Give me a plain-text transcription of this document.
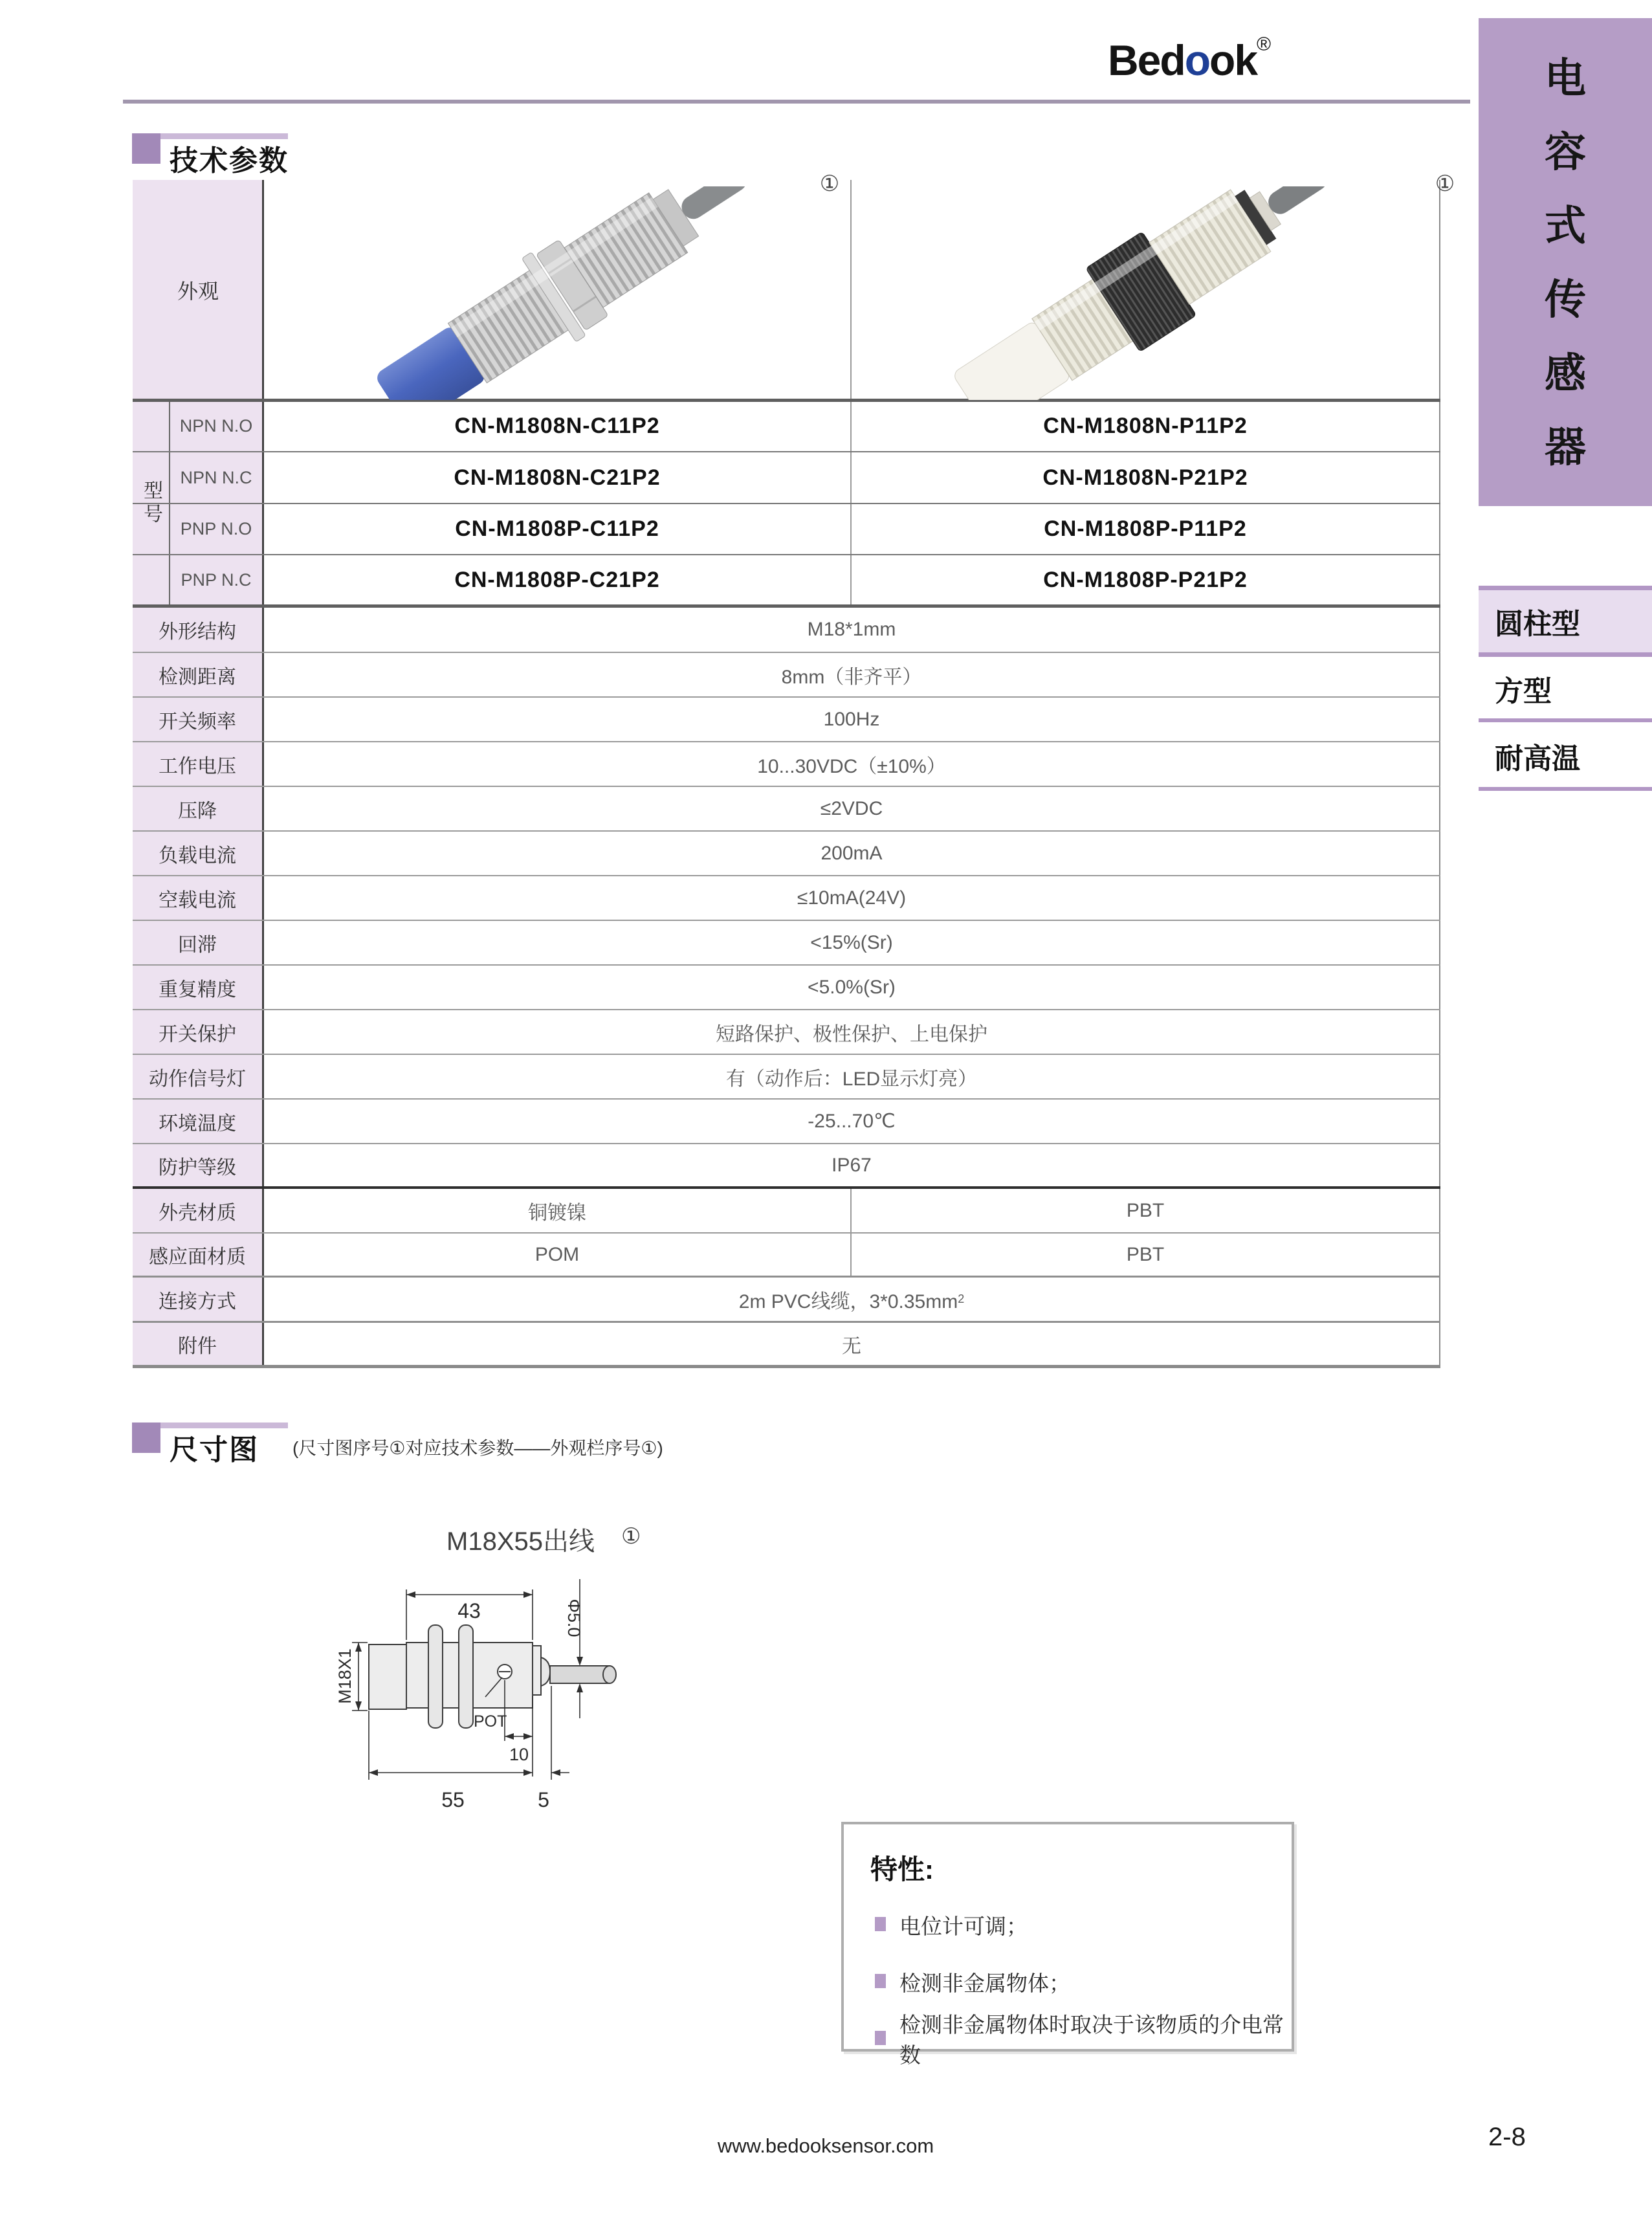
Bedook®
电
容
式
传
感
器
圆柱型
方型
耐高温
技术参数
外观
①	①
型号
NPN N.O	CN-M1808N-C11P2	CN-M1808N-P11P2
NPN N.C	CN-M1808N-C21P2	CN-M1808N-P21P2
PNP N.O	CN-M1808P-C11P2	CN-M1808P-P11P2
PNP N.C	CN-M1808P-C21P2	CN-M1808P-P21P2
外形结构	M18*1mm
检测距离	8mm（非齐平）
开关频率	100Hz
工作电压	10...30VDC（±10%）
压降	≤2VDC
负载电流	200mA
空载电流	≤10mA(24V)
回滞	<15%(Sr)
重复精度	<5.0%(Sr)
开关保护	短路保护、极性保护、上电保护
动作信号灯	有（动作后：LED显示灯亮）
环境温度	-25...70℃
防护等级	IP67
外壳材质	铜镀镍	PBT
感应面材质	POM	PBT
连接方式	2m PVC线缆，3*0.35mm 2
附件	无
尺寸图	(尺寸图序号①对应技术参数——外观栏序号①)
M18X55出线	①
43	Φ5.0
M18X1
POT
10
55	5
特性:
电位计可调；
检测非金属物体；
检测非金属物体时取决于该物质的介电常数
www.bedooksensor.com	2-8
